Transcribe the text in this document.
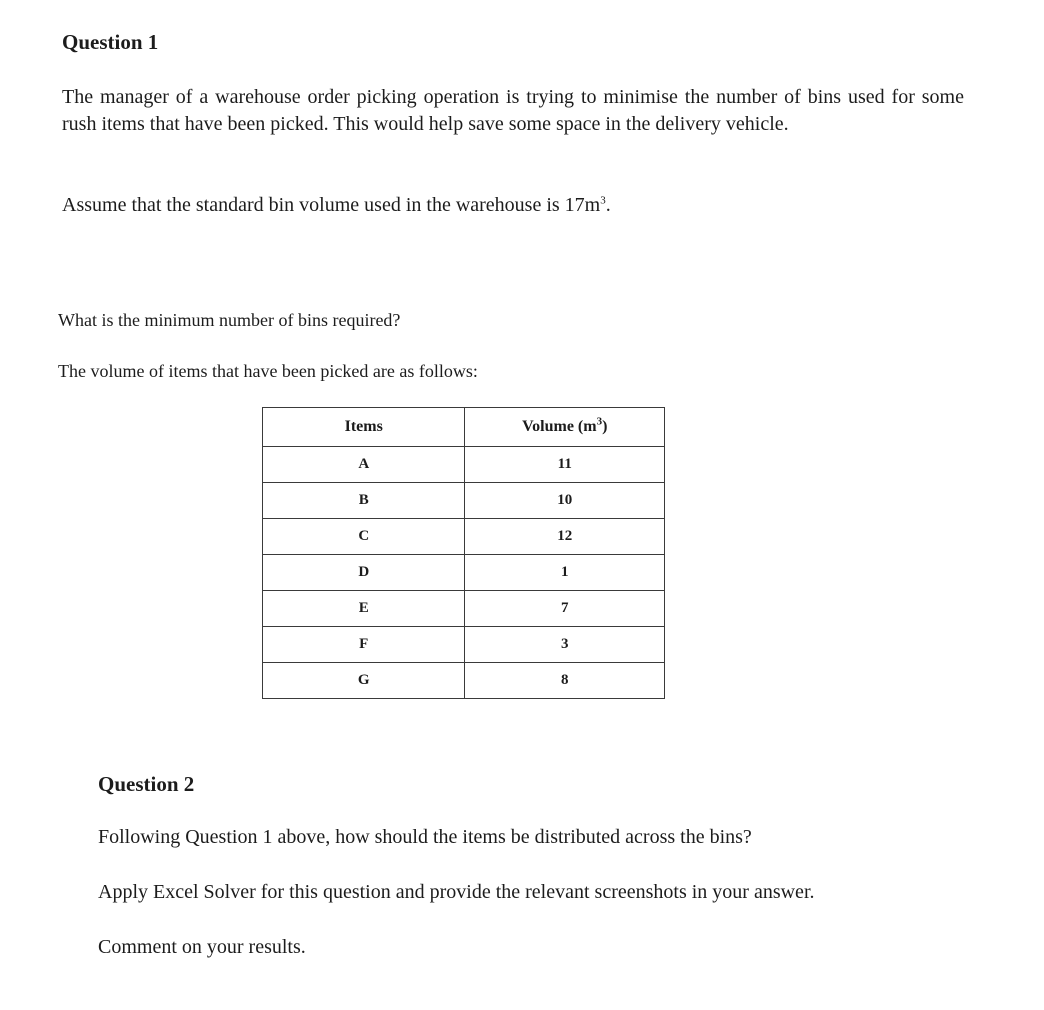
Question 1

The manager of a warehouse order picking operation is trying to minimise the number of bins used for some rush items that have been picked. This would help save some space in the delivery vehicle.

Assume that the standard bin volume used in the warehouse is $17m^3$.

What is the minimum number of bins required?

The volume of items that have been picked are as follows:

Items	Volume $(m^3)$
A	11
B	10
C	12
D	1
E	7
F	3
G	8
Question 2
Following Question 1 above, how should the items be distributed across the bins?
Apply Excel Solver for this question and provide the relevant screenshots in your answer.
Comment on your results.
